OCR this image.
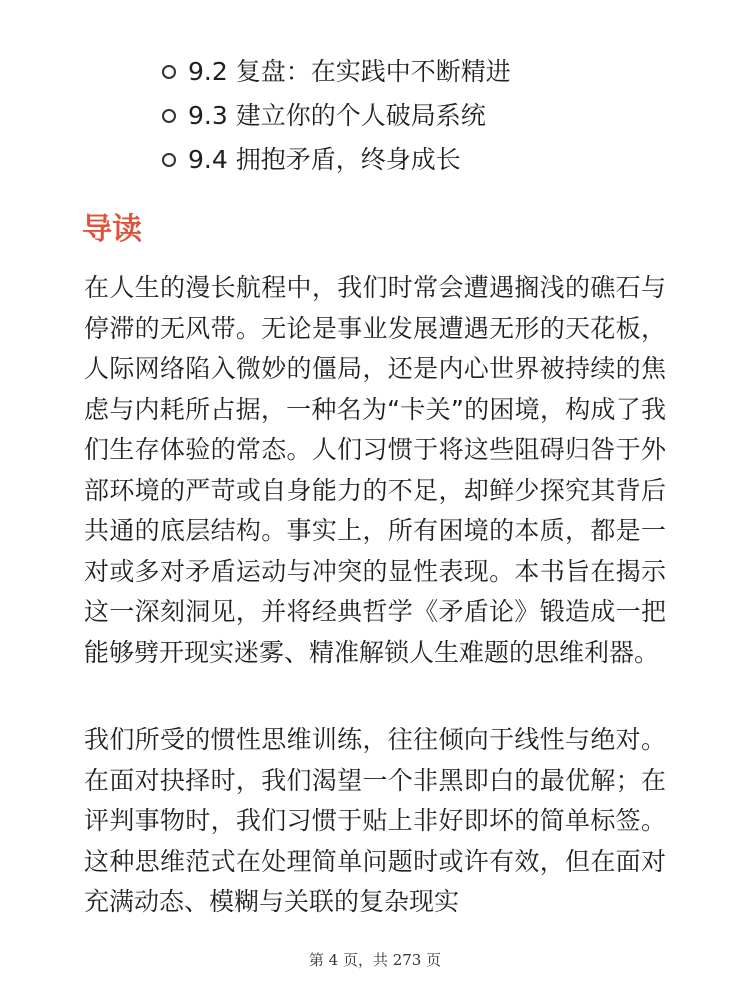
9.2 复盘：在实践中不断精进
9.3 建立你的个人破局系统
9.4 拥抱矛盾，终身成长
导读

在人生的漫长航程中，我们时常会遭遇搁浅的礁石与停滞的无风带。无论是事业发展遭遇无形的天花板，人际网络陷入微妙的僵局，还是内心世界被持续的焦虑与内耗所占据，一种名为“卡关”的困境，构成了我们生存体验的常态。人们习惯于将这些阻碍归咎于外部环境的严苛或自身能力的不足，却鲜少探究其背后共通的底层结构。事实上，所有困境的本质，都是一对或多对矛盾运动与冲突的显性表现。本书旨在揭示这一深刻洞见，并将经典哲学《矛盾论》锻造成一把能够劈开现实迷雾、精准解锁人生难题的思维利器。

我们所受的惯性思维训练，往往倾向于线性与绝对。在面对抉择时，我们渴望一个非黑即白的最优解；在评判事物时，我们习惯于贴上非好即坏的简单标签。这种思维范式在处理简单问题时或许有效，但在面对充满动态、模糊与关联的复杂现实

第 4 页，共 273 页
